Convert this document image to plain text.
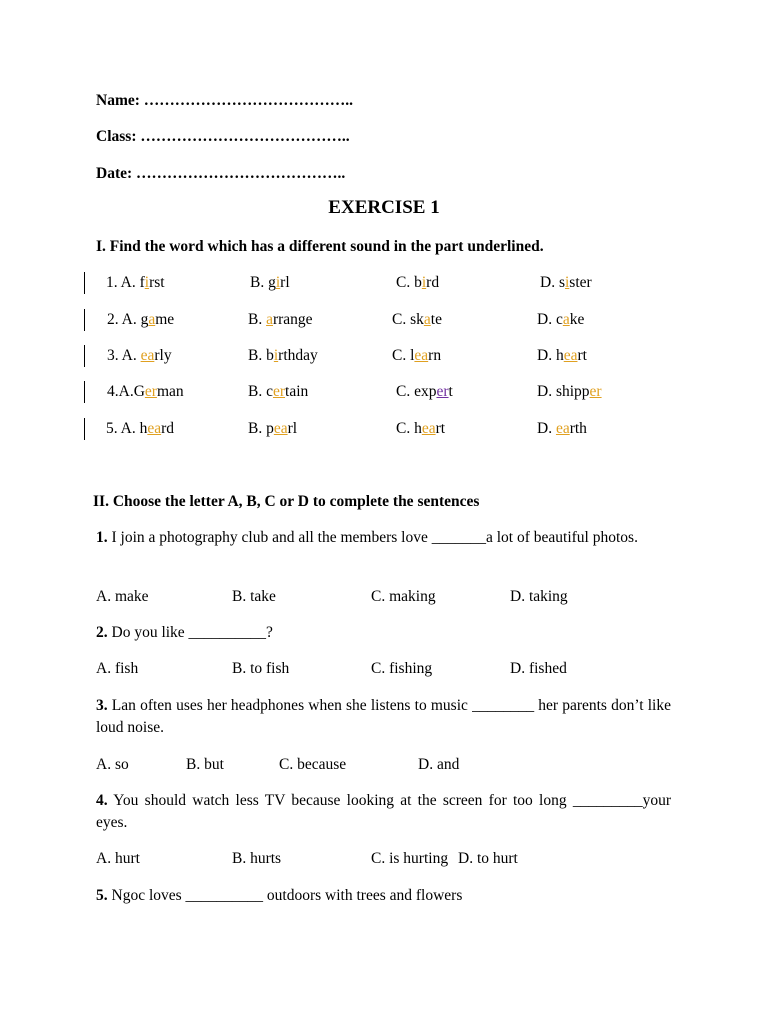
Name: …………………………………..
Class: …………………………………..
Date: …………………………………..
EXERCISE 1
I. Find the word which has a different sound in the part underlined.
1. A. first	B. girl	C. bird	D. sister
2. A. game	B. arrange	C. skate	D. cake
3. A. early	B. birthday	C. learn	D. heart
4.A.German	B. certain	C. expert	D. shipper
5. A. heard	B. pearl	C. heart	D. earth
II. Choose the letter A, B, C or D to complete the sentences
1. I join a photography club and all the members love _______a lot of beautiful photos.
A. make	B. take	C. making	D. taking
2. Do you like __________?
A. fish	B. to fish	C. fishing	D. fished
3. Lan often uses her headphones when she listens to music ________ her parents don’t like loud noise.
A. so	B. but	C. because	D. and
4. You should watch less TV because looking at the screen for too long _________your eyes.
A. hurt	B. hurts	C. is hurting D. to hurt
5. Ngoc loves __________ outdoors with trees and flowers
